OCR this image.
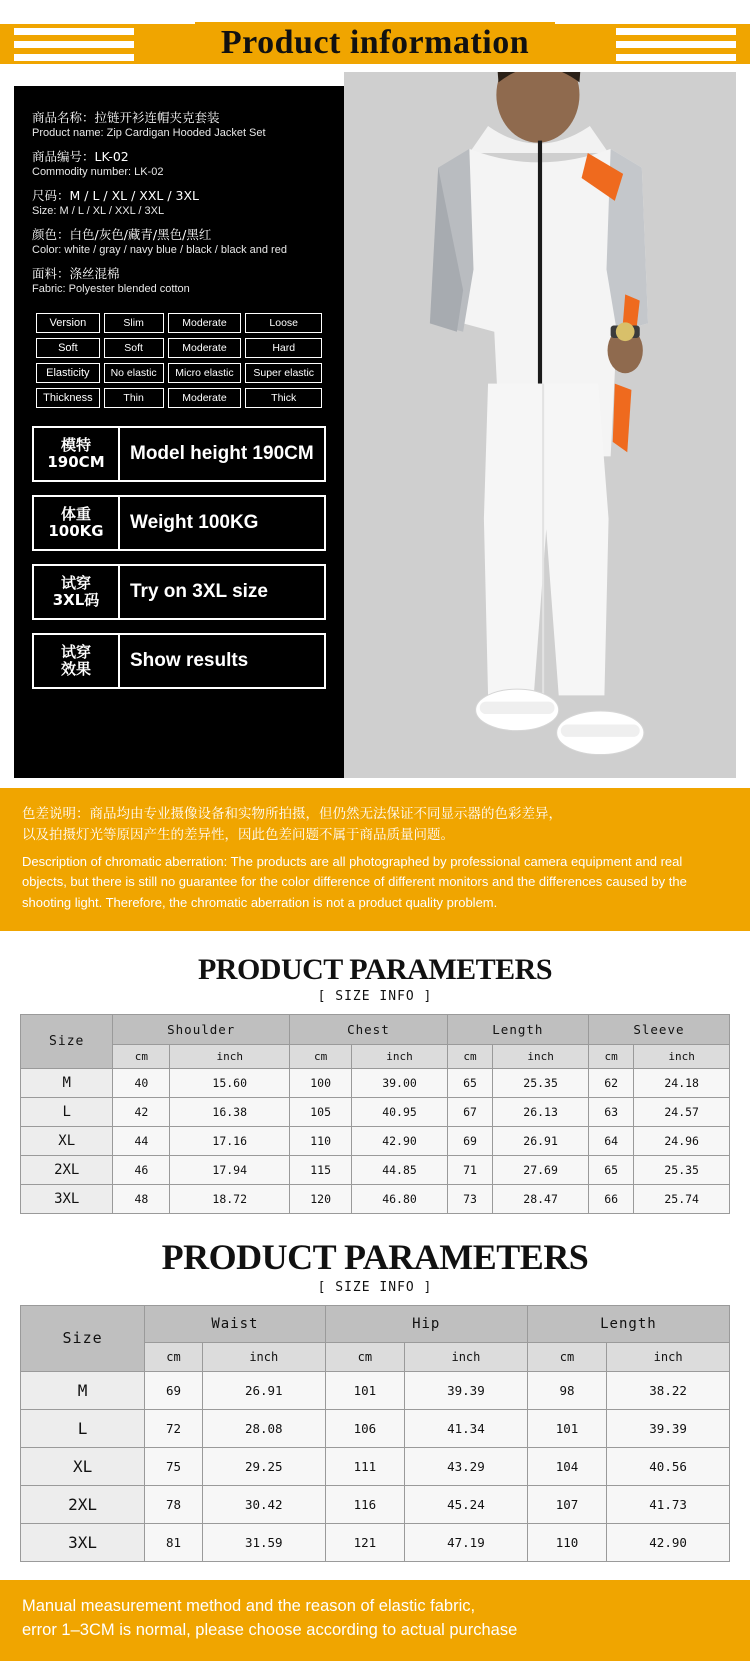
Product information
商品名称：拉链开衫连帽夹克套装
Product name: Zip Cardigan Hooded Jacket Set
商品编号：LK-02
Commodity number: LK-02
尺码：M / L / XL / XXL / 3XL
Size: M / L / XL / XXL / 3XL
颜色：白色/灰色/藏青/黑色/黑红
Color: white / gray / navy blue / black / black and red
面料：涤丝混棉
Fabric: Polyester blended cotton
Version	Slim	Moderate	Loose
Soft	Soft	Moderate	Hard
Elasticity	No elastic	Micro elastic	Super elastic
Thickness	Thin	Moderate	Thick
模特
190CM	Model height 190CM
体重
100KG	Weight 100KG
试穿
3XL码	Try on 3XL size
试穿
效果	Show results
色差说明：商品均由专业摄像设备和实物所拍摄，但仍然无法保证不同显示器的色彩差异，
以及拍摄灯光等原因产生的差异性，因此色差问题不属于商品质量问题。
Description of chromatic aberration: The products are all photographed by professional camera equipment and real objects, but there is still no guarantee for the color difference of different monitors and the differences caused by the shooting light. Therefore, the chromatic aberration is not a product quality problem.
PRODUCT PARAMETERS
[ SIZE INFO ]
Size	Shoulder		Chest		Length		Sleeve	
	cm	inch	cm	inch	cm	inch	cm	inch
M	40	15.60	100	39.00	65	25.35	62	24.18
L	42	16.38	105	40.95	67	26.13	63	24.57
XL	44	17.16	110	42.90	69	26.91	64	24.96
2XL	46	17.94	115	44.85	71	27.69	65	25.35
3XL	48	18.72	120	46.80	73	28.47	66	25.74
PRODUCT PARAMETERS
[ SIZE INFO ]
Size	Waist		Hip		Length	
	cm	inch	cm	inch	cm	inch
M	69	26.91	101	39.39	98	38.22
L	72	28.08	106	41.34	101	39.39
XL	75	29.25	111	43.29	104	40.56
2XL	78	30.42	116	45.24	107	41.73
3XL	81	31.59	121	47.19	110	42.90
Manual measurement method and the reason of elastic fabric,
error 1–3CM is normal, please choose according to actual purchase
